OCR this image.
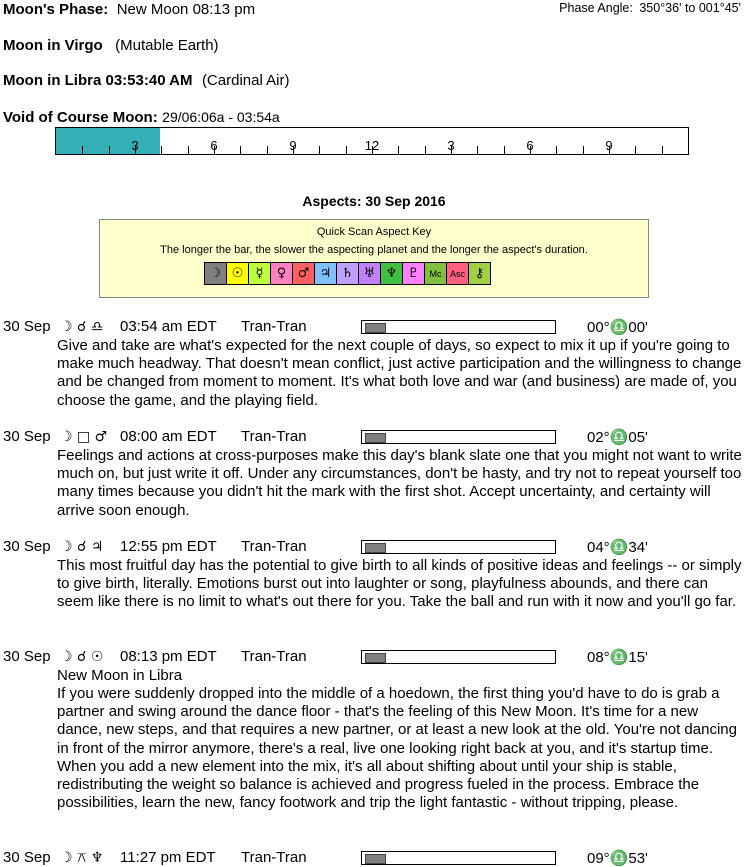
Moon's Phase: New Moon 08:13 pm	Phase Angle: 350°36' to 001°45'
Moon in Virgo (Mutable Earth)
Moon in Libra 03:53:40 AM (Cardinal Air)
Void of Course Moon: 29/06:06a - 03:54a
3	6	9	12	3	6	9
Aspects: 30 Sep 2016
Quick Scan Aspect Key
The longer the bar, the slower the aspecting planet and the longer the aspect's duration.
☽ ☉ ☿	♀ ♂ ♃ ♄ ♅ ♆ ♇	Mc Asc ⚷
30 Sep ☽ ☌ ♎ 03:54 am EDT Tran-Tran	00°♎00'
Give and take are what's expected for the next couple of days, so expect to mix it up if you're going to make much headway. That doesn't mean conflict, just active participation and the willingness to change and be changed from moment to moment. It's what both love and war (and business) are made of, you choose the game, and the playing field.
30 Sep ☽ □ ♂ 08:00 am EDT Tran-Tran	02°♎05'
Feelings and actions at cross-purposes make this day's blank slate one that you might not want to write much on, but just write it off. Under any circumstances, don't be hasty, and try not to repeat yourself too many times because you didn't hit the mark with the first shot. Accept uncertainty, and certainty will arrive soon enough.
30 Sep ☽ ☌ ♃ 12:55 pm EDT Tran-Tran	04°♎34'
This most fruitful day has the potential to give birth to all kinds of positive ideas and feelings -- or simply to give birth, literally. Emotions burst out into laughter or song, playfulness abounds, and there can seem like there is no limit to what's out there for you. Take the ball and run with it now and you'll go far.
30 Sep ☽ ☌ ☉ 08:13 pm EDT Tran-Tran	08°♎15'
New Moon in Libra
If you were suddenly dropped into the middle of a hoedown, the first thing you'd have to do is grab a partner and swing around the dance floor - that's the feeling of this New Moon. It's time for a new dance, new steps, and that requires a new partner, or at least a new look at the old. You're not dancing in front of the mirror anymore, there's a real, live one looking right back at you, and it's startup time. When you add a new element into the mix, it's all about shifting about until your ship is stable, redistributing the weight so balance is achieved and progress fueled in the process. Embrace the possibilities, learn the new, fancy footwork and trip the light fantastic - without tripping, please.
30 Sep ☽ ⚻ ♆ 11:27 pm EDT Tran-Tran	09°♎53'
